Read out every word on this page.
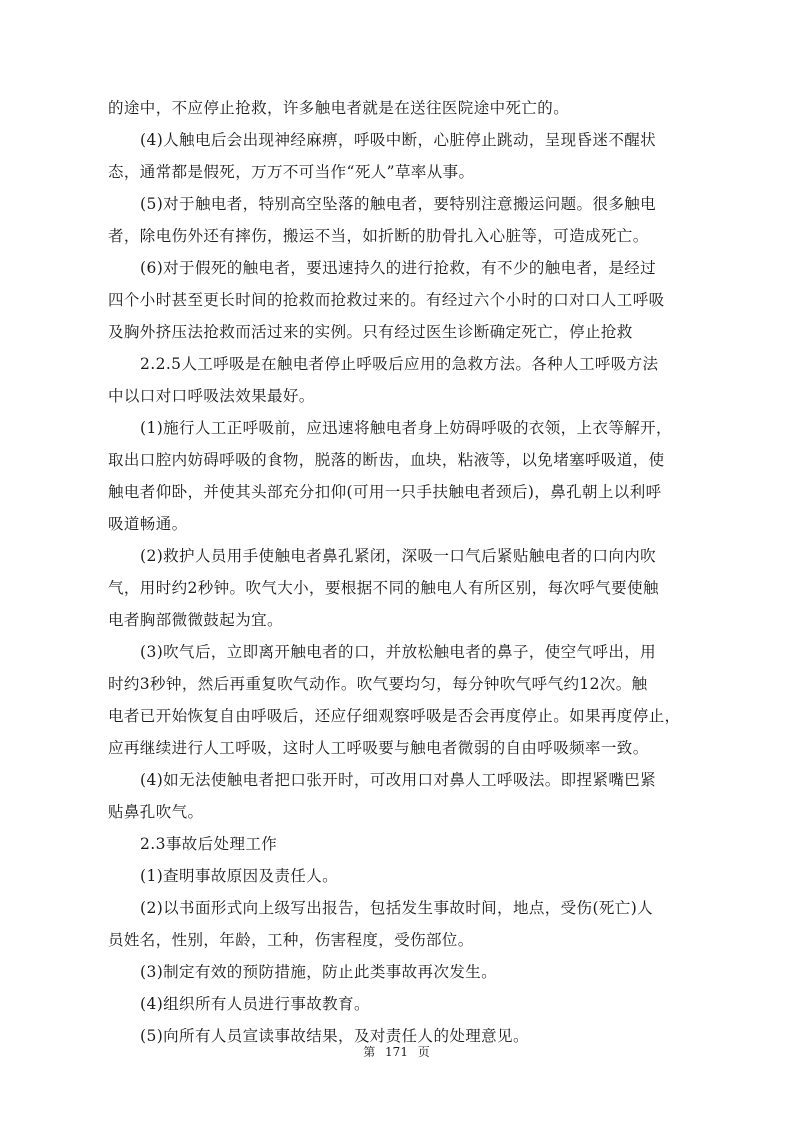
的途中，不应停止抢救，许多触电者就是在送往医院途中死亡的。
(4)人触电后会出现神经麻痹，呼吸中断，心脏停止跳动，呈现昏迷不醒状
态，通常都是假死，万万不可当作“死人”草率从事。
(5)对于触电者，特别高空坠落的触电者，要特别注意搬运问题。很多触电
者，除电伤外还有摔伤，搬运不当，如折断的肋骨扎入心脏等，可造成死亡。
(6)对于假死的触电者，要迅速持久的进行抢救，有不少的触电者，是经过
四个小时甚至更长时间的抢救而抢救过来的。有经过六个小时的口对口人工呼吸
及胸外挤压法抢救而活过来的实例。只有经过医生诊断确定死亡，停止抢救
2.2.5人工呼吸是在触电者停止呼吸后应用的急救方法。各种人工呼吸方法
中以口对口呼吸法效果最好。
(1)施行人工正呼吸前，应迅速将触电者身上妨碍呼吸的衣领，上衣等解开，
取出口腔内妨碍呼吸的食物，脱落的断齿，血块，粘液等，以免堵塞呼吸道，使
触电者仰卧，并使其头部充分扣仰(可用一只手扶触电者颈后)，鼻孔朝上以利呼
吸道畅通。
(2)救护人员用手使触电者鼻孔紧闭，深吸一口气后紧贴触电者的口向内吹
气，用时约2秒钟。吹气大小，要根据不同的触电人有所区别，每次呼气要使触
电者胸部微微鼓起为宜。
(3)吹气后，立即离开触电者的口，并放松触电者的鼻子，使空气呼出，用
时约3秒钟，然后再重复吹气动作。吹气要均匀，每分钟吹气呼气约12次。触
电者已开始恢复自由呼吸后，还应仔细观察呼吸是否会再度停止。如果再度停止，
应再继续进行人工呼吸，这时人工呼吸要与触电者微弱的自由呼吸频率一致。
(4)如无法使触电者把口张开时，可改用口对鼻人工呼吸法。即捏紧嘴巴紧
贴鼻孔吹气。
2.3事故后处理工作
(1)查明事故原因及责任人。
(2)以书面形式向上级写出报告，包括发生事故时间，地点，受伤(死亡)人
员姓名，性别，年龄，工种，伤害程度，受伤部位。
(3)制定有效的预防措施，防止此类事故再次发生。
(4)组织所有人员进行事故教育。
(5)向所有人员宣读事故结果，及对责任人的处理意见。
第 171 页
